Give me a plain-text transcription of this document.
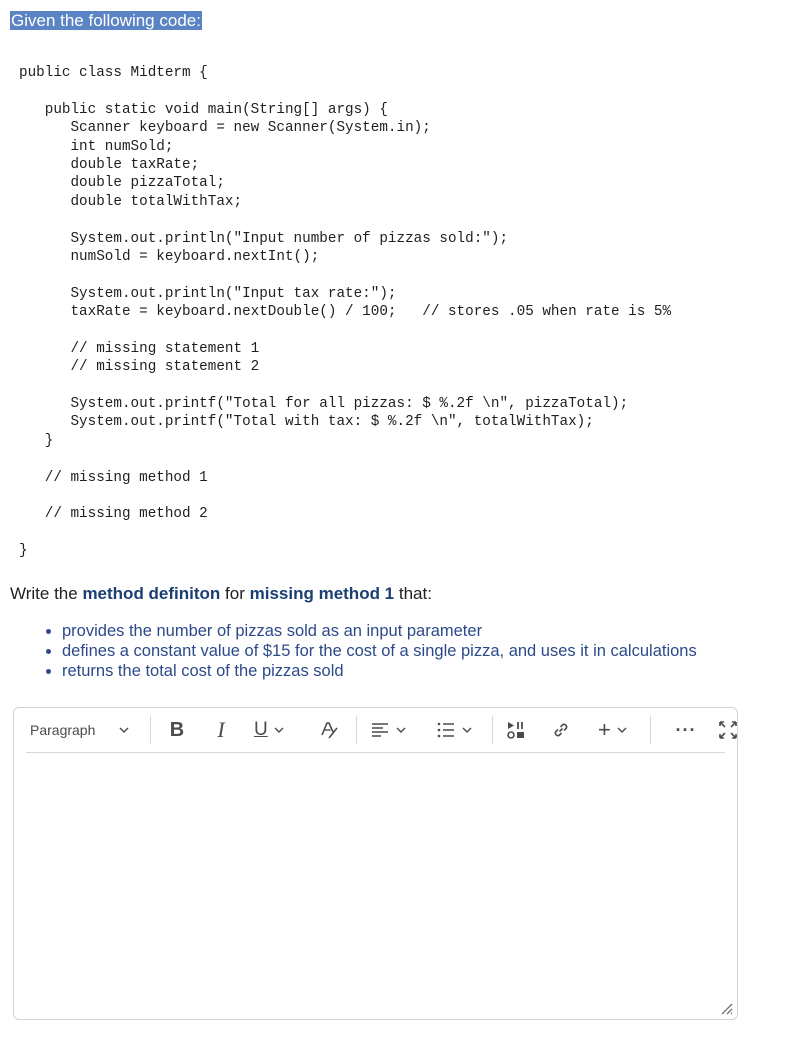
Given the following code:
public class Midterm {
public static void main(String[] args) {
Scanner keyboard = new Scanner(System.in);
int numSold;
double taxRate;
double pizzaTotal;
double totalWithTax;
System.out.println("Input number of pizzas sold:");
numSold = keyboard.nextInt();
System.out.println("Input tax rate:");
taxRate = keyboard.nextDouble() / 100;   // stores .05 when rate is 5%
// missing statement 1
// missing statement 2
System.out.printf("Total for all pizzas: $ %.2f \n", pizzaTotal);
System.out.printf("Total with tax: $ %.2f \n", totalWithTax);
}
// missing method 1
// missing method 2
}
Write the method definiton for missing method 1 that:
• provides the number of pizzas sold as an input parameter
• defines a constant value of $15 for the cost of a single pizza, and uses it in calculations
• returns the total cost of the pizzas sold
Paragraph	B I U	+	···
